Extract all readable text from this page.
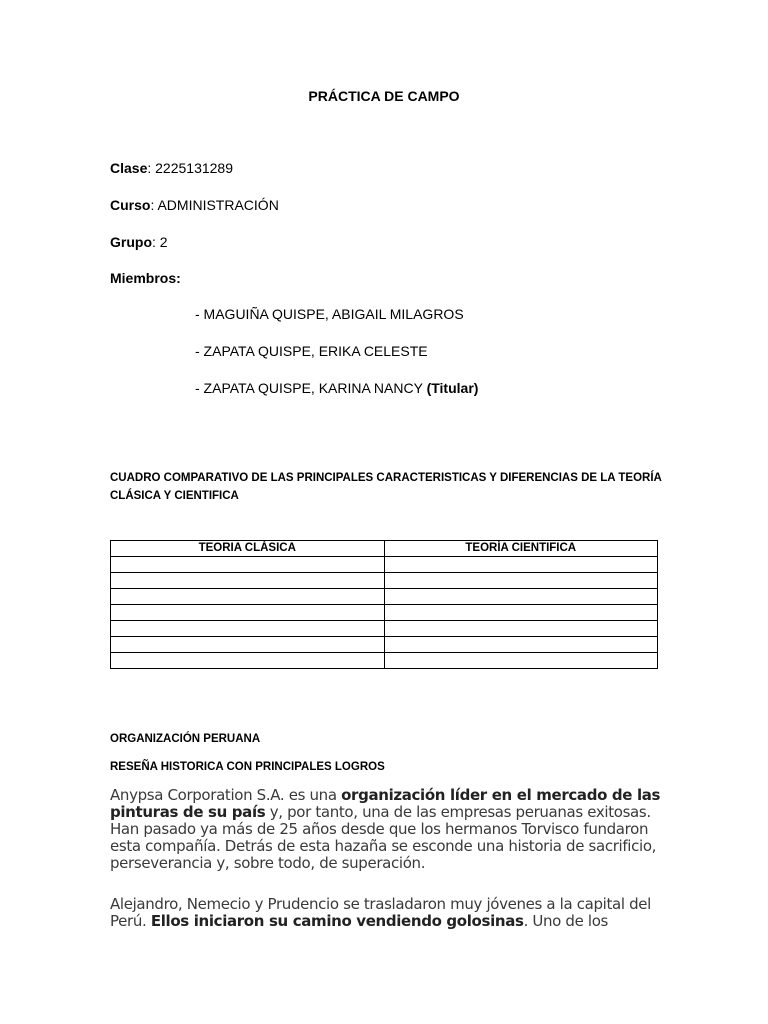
PRÁCTICA DE CAMPO
Clase: 2225131289
Curso: ADMINISTRACIÓN
Grupo: 2
Miembros:
- MAGUIÑA QUISPE, ABIGAIL MILAGROS
- ZAPATA QUISPE, ERIKA CELESTE
- ZAPATA QUISPE, KARINA NANCY (Titular)
CUADRO COMPARATIVO DE LAS PRINCIPALES CARACTERISTICAS Y DIFERENCIAS DE LA TEORÍA CLÁSICA Y CIENTIFICA
TEORIA CLÁSICA	TEORÍA CIENTIFICA

ORGANIZACIÓN PERUANA
RESEÑA HISTORICA CON PRINCIPALES LOGROS
Anypsa Corporation S.A. es una organización líder en el mercado de las pinturas de su país y, por tanto, una de las empresas peruanas exitosas. Han pasado ya más de 25 años desde que los hermanos Torvisco fundaron esta compañía. Detrás de esta hazaña se esconde una historia de sacrificio, perseverancia y, sobre todo, de superación.
Alejandro, Nemecio y Prudencio se trasladaron muy jóvenes a la capital del Perú. Ellos iniciaron su camino vendiendo golosinas. Uno de los
